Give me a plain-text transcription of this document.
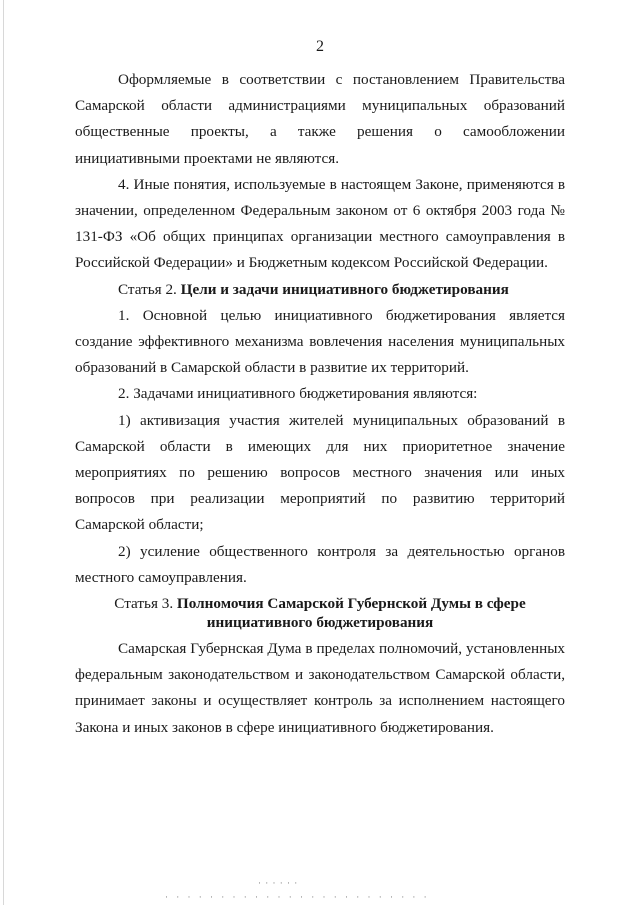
2

Оформляемые в соответствии с постановлением Правительства Самарской области администрациями муниципальных образований общественные проекты, а также решения о самообложении инициативными проектами не являются.

4. Иные понятия, используемые в настоящем Законе, применяются в значении, определенном Федеральным законом от 6 октября 2003 года № 131-ФЗ «Об общих принципах организации местного самоуправления в Российской Федерации» и Бюджетным кодексом Российской Федерации.

Статья 2. Цели и задачи инициативного бюджетирования

1. Основной целью инициативного бюджетирования является создание эффективного механизма вовлечения населения муниципальных образований в Самарской области в развитие их территорий.

2. Задачами инициативного бюджетирования являются:

1) активизация участия жителей муниципальных образований в Самарской области в имеющих для них приоритетное значение мероприятиях по решению вопросов местного значения или иных вопросов при реализации мероприятий по развитию территорий Самарской области;

2) усиление общественного контроля за деятельностью органов местного самоуправления.

Статья 3. Полномочия Самарской Губернской Думы в сфере
инициативного бюджетирования

Самарская Губернская Дума в пределах полномочий, установленных федеральным законодательством и законодательством Самарской области, принимает законы и осуществляет контроль за исполнением настоящего Закона и иных законов в сфере инициативного бюджетирования.

· · · · · ·
· · · · · · · · · · · · · · · · · · · · · · · ·
